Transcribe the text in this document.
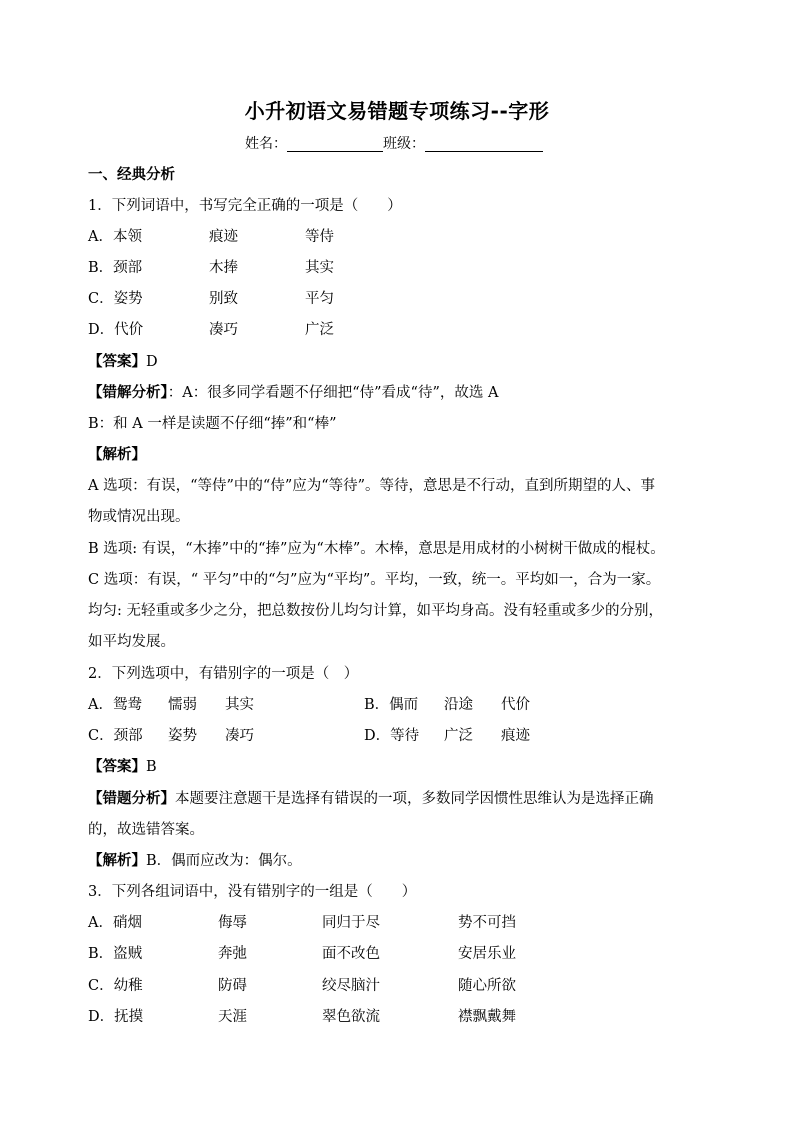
小升初语文易错题专项练习--字形
姓名：	班级：
一、经典分析
1．下列词语中，书写完全正确的一项是（　　）
A．本领	痕迹	等侍
B．颈部	木捧	其实
C．姿势	别致	平匀
D．代价	凑巧	广泛
【答案】D
【错解分析】：A：很多同学看题不仔细把“侍”看成“待”，故选 A
B：和 A 一样是读题不仔细“捧”和“棒”
【解析】
A 选项：有误，“等侍”中的“侍”应为“等待”。等待，意思是不行动，直到所期望的人、事
物或情况出现。
B 选项: 有误，“木捧”中的“捧”应为“木棒”。木棒，意思是用成材的小树树干做成的棍杖。
C 选项：有误，“ 平匀”中的“匀”应为“平均”。平均，一致，统一。平均如一，合为一家。
均匀: 无轻重或多少之分，把总数按份儿均匀计算，如平均身高。没有轻重或多少的分别，
如平均发展。
2．下列选项中，有错别字的一项是（　）
A．鸳鸯 懦弱 其实	B．偶而 沿途 代价
C．颈部 姿势 凑巧	D．等待 广泛 痕迹
【答案】B
【错题分析】本题要注意题干是选择有错误的一项，多数同学因惯性思维认为是选择正确
的，故选错答案。
【解析】B．偶而应改为：偶尔。
3．下列各组词语中，没有错别字的一组是（　　）
A．硝烟	侮辱	同归于尽	势不可挡
B．盗贼	奔弛	面不改色	安居乐业
C．幼稚	防碍	绞尽脑汁	随心所欲
D．抚摸	天涯	翠色欲流	襟飘戴舞
